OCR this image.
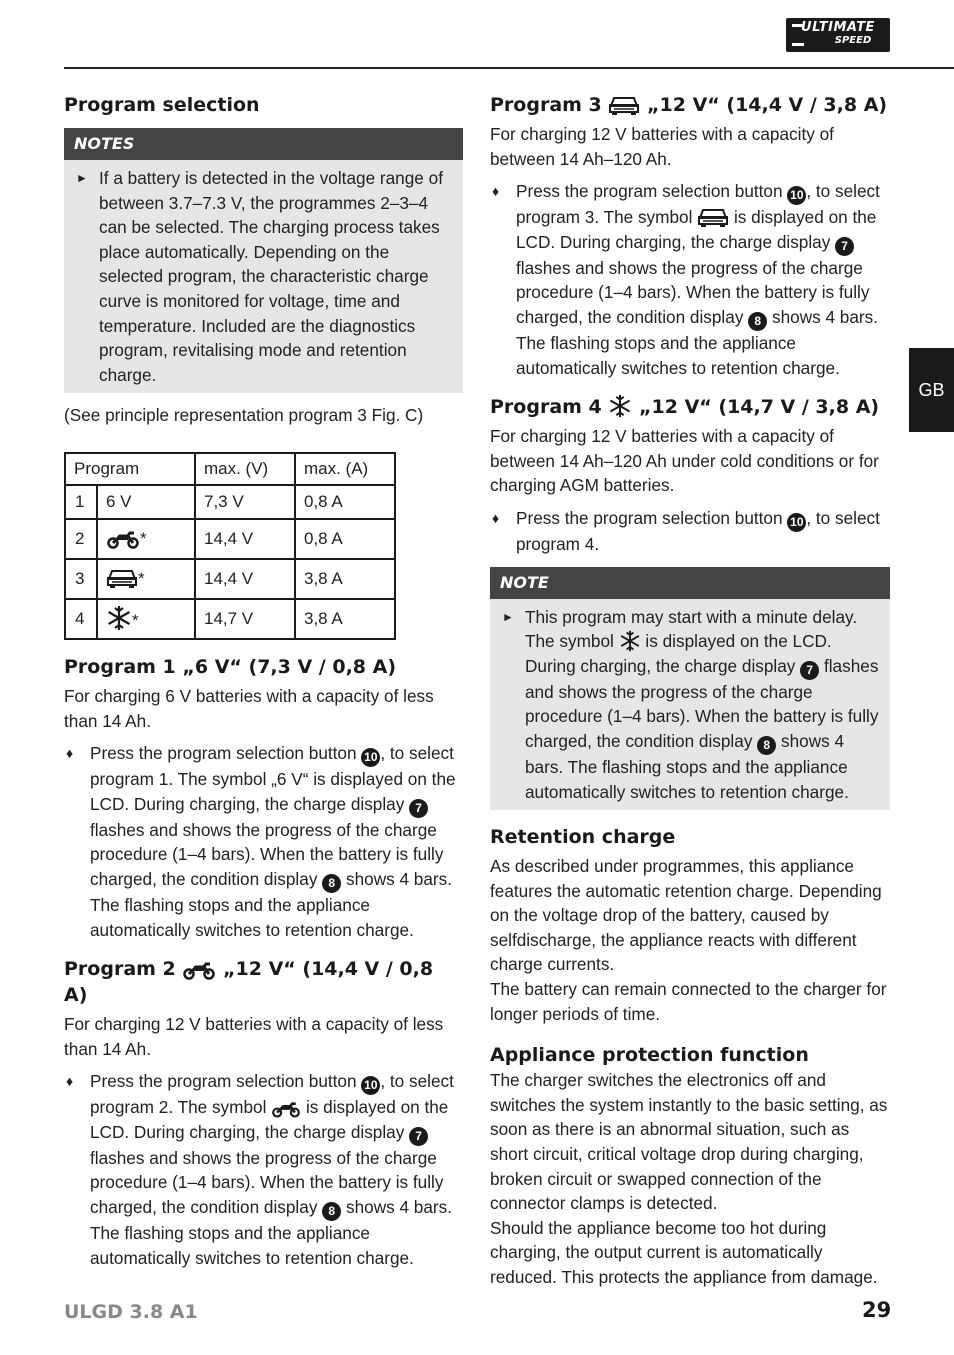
ULTIMATE
SPEED
GB
Program selection
NOTES
► If a battery is detected in the voltage range of between 3.7–7.3 V, the programmes 2–3–4 can be selected. The charging process takes place automatically. Depending on the selected program, the characteristic charge curve is monitored for voltage, time and temperature. Included are the diagnostics program, revitalising mode and retention charge.

(See principle representation program 3 Fig. C)

Program		max. (V)	max. (A)
1	6 V	7,3 V	0,8 A
2	*	14,4 V	0,8 A
3	*	14,4 V	3,8 A
4	*	14,7 V	3,8 A
Program 1 „6 V“ (7,3 V / 0,8 A)

For charging 6 V batteries with a capacity of less than 14 Ah.

♦ Press the program selection button 10 , to select program 1. The symbol „6 V“ is displayed on the LCD. During charging, the charge display 7 flashes and shows the progress of the charge procedure (1–4 bars). When the battery is fully charged, the condition display 8 shows 4 bars. The flashing stops and the appliance automatically switches to retention charge.
Program 2 „12 V“ (14,4 V / 0,8 A)

For charging 12 V batteries with a capacity of less than 14 Ah.

♦ Press the program selection button 10 , to select program 2. The symbol is displayed on the LCD. During charging, the charge display 7 flashes and shows the progress of the charge procedure (1–4 bars). When the battery is fully charged, the condition display 8 shows 4 bars. The flashing stops and the appliance automatically switches to retention charge.
Program 3 „12 V“ (14,4 V / 3,8 A)

For charging 12 V batteries with a capacity of between 14 Ah–120 Ah.

♦ Press the program selection button 10 , to select program 3. The symbol is displayed on the LCD. During charging, the charge display 7 flashes and shows the progress of the charge procedure (1–4 bars). When the battery is fully charged, the condition display 8 shows 4 bars. The flashing stops and the appliance automatically switches to retention charge.
Program 4 „12 V“ (14,7 V / 3,8 A)

For charging 12 V batteries with a capacity of between 14 Ah–120 Ah under cold conditions or for charging AGM batteries.

♦ Press the program selection button 10 , to select program 4.
NOTE
► This program may start with a minute delay. The symbol is displayed on the LCD. During charging, the charge display 7 flashes and shows the progress of the charge procedure (1–4 bars). When the battery is fully charged, the condition display 8 shows 4 bars. The flashing stops and the appliance automatically switches to retention charge.
Retention charge

As described under programmes, this appliance features the automatic retention charge. Depending on the voltage drop of the battery, caused by selfdischarge, the appliance reacts with different charge currents.

The battery can remain connected to the charger for longer periods of time.

Appliance protection function

The charger switches the electronics off and switches the system instantly to the basic setting, as soon as there is an abnormal situation, such as short circuit, critical voltage drop during charging, broken circuit or swapped connection of the connector clamps is detected.

Should the appliance become too hot during charging, the output current is automatically reduced. This protects the appliance from damage.

ULGD 3.8 A1	29
